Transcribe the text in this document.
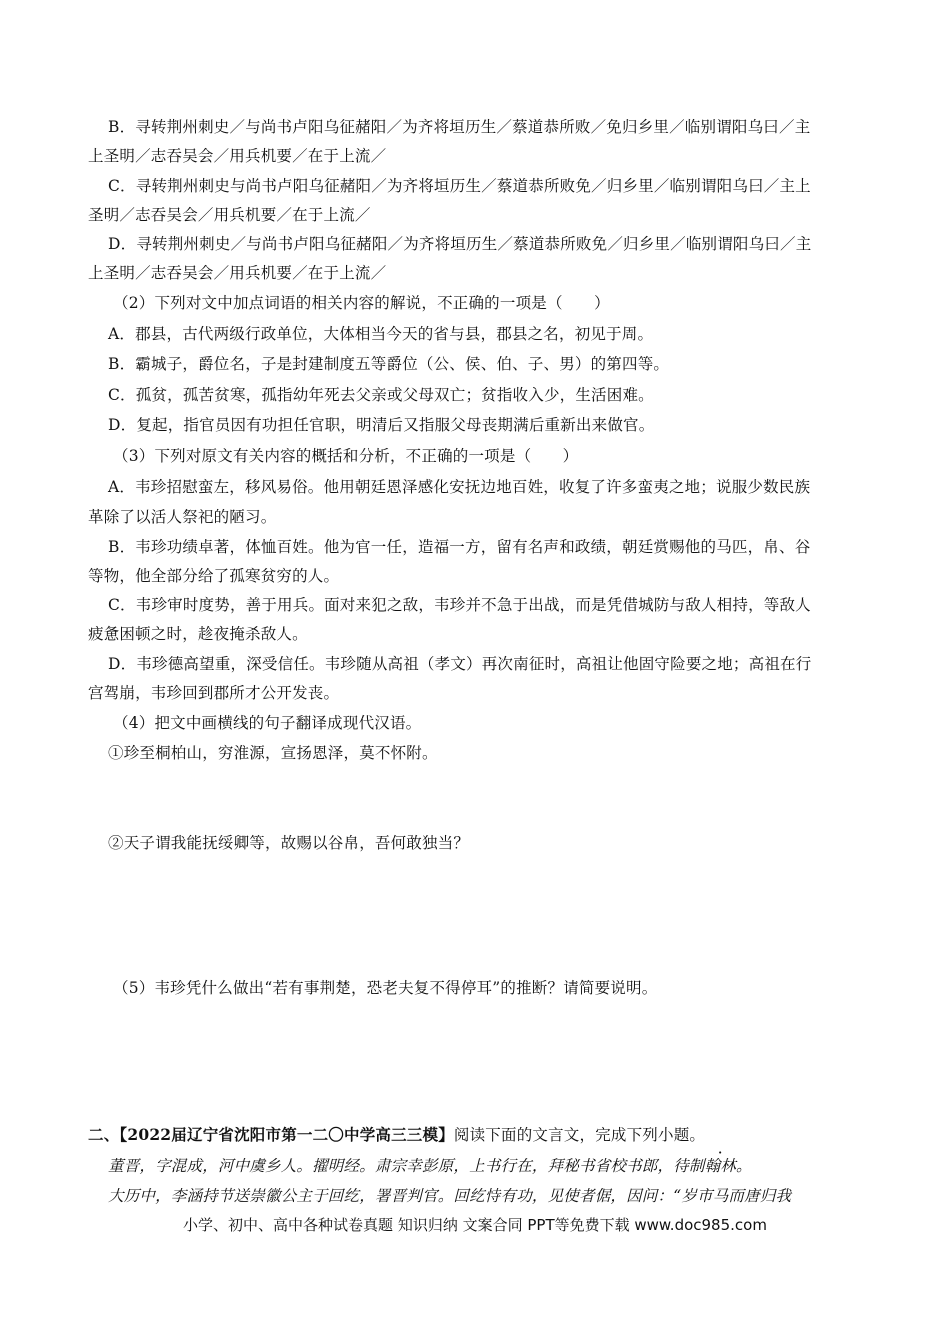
B．寻转荆州刺史／与尚书卢阳乌征赭阳／为齐将垣历生／蔡道恭所败／免归乡里／临别谓阳乌曰／主
上圣明／志吞吴会／用兵机要／在于上流／
C．寻转荆州刺史与尚书卢阳乌征赭阳／为齐将垣历生／蔡道恭所败免／归乡里／临别谓阳乌曰／主上
圣明／志吞吴会／用兵机要／在于上流／
D．寻转荆州刺史／与尚书卢阳乌征赭阳／为齐将垣历生／蔡道恭所败免／归乡里／临别谓阳乌曰／主
上圣明／志吞吴会／用兵机要／在于上流／
（2）下列对文中加点词语的相关内容的解说，不正确的一项是（　　）
A．郡县，古代两级行政单位，大体相当今天的省与县，郡县之名，初见于周。
B．霸城子，爵位名，子是封建制度五等爵位（公、侯、伯、子、男）的第四等。
C．孤贫，孤苦贫寒，孤指幼年死去父亲或父母双亡；贫指收入少，生活困难。
D．复起，指官员因有功担任官职，明清后又指服父母丧期满后重新出来做官。
（3）下列对原文有关内容的概括和分析，不正确的一项是（　　）
A．韦珍招慰蛮左，移风易俗。他用朝廷恩泽感化安抚边地百姓，收复了许多蛮夷之地；说服少数民族
革除了以活人祭祀的陋习。
B．韦珍功绩卓著，体恤百姓。他为官一任，造福一方，留有名声和政绩，朝廷赏赐他的马匹，帛、谷
等物，他全部分给了孤寒贫穷的人。
C．韦珍审时度势，善于用兵。面对来犯之敌，韦珍并不急于出战，而是凭借城防与敌人相持，等敌人
疲惫困顿之时，趁夜掩杀敌人。
D．韦珍德高望重，深受信任。韦珍随从高祖（孝文）再次南征时，高祖让他固守险要之地；高祖在行
宫驾崩，韦珍回到郡所才公开发丧。
（4）把文中画横线的句子翻译成现代汉语。
①珍至桐柏山，穷淮源，宣扬恩泽，莫不怀附。
②天子谓我能抚绥卿等，故赐以谷帛，吾何敢独当？
（5）韦珍凭什么做出“若有事荆楚，恐老夫复不得停耳”的推断？请简要说明。
二、【2022届辽宁省沈阳市第一二〇中学高三三模】阅读下面的文言文，完成下列小题。
董晋，字混成，河中虞乡人。擢明经。肃宗幸彭原，上书行在，拜秘书省校书郎，待制翰林。
大历中，李涵持节送崇徽公主于回纥，署晋判官。回纥恃有功，见使者倨，因问：“岁市马而唐归我
小学、初中、高中各种试卷真题 知识归纳 文案合同 PPT等免费下载 www.doc985.com
